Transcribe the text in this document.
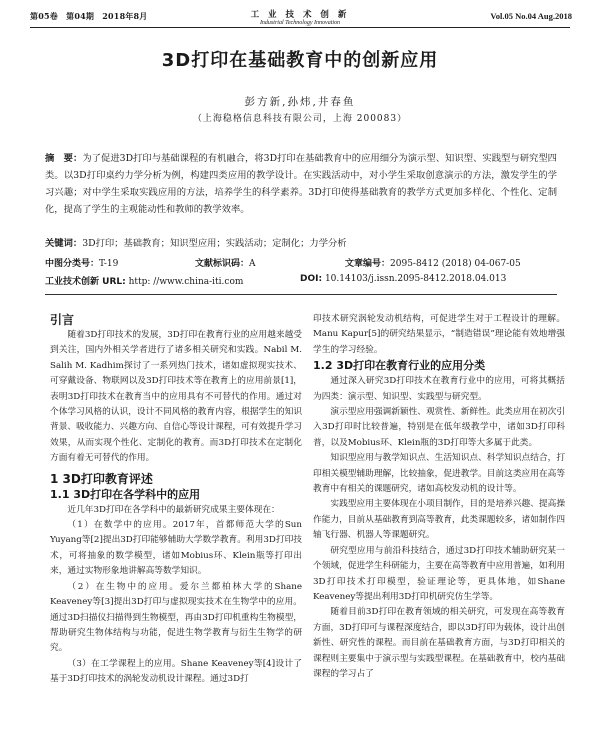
第05卷　第04期　2018年8月	工 业 技 术 创 新
Industrial Technology Innovation
Vol.05 No.04 Aug.2018
3D打印在基础教育中的创新应用
彭方新,孙炜,井春鱼
（上海稳格信息科技有限公司，上海 200083）
摘　要：为了促进3D打印与基础课程的有机融合，将3D打印在基础教育中的应用细分为演示型、知识型、实践型与研究型四类。以3D打印桌约力学分析为例，构建四类应用的教学设计。在实践活动中，对小学生采取创意演示的方法，激发学生的学习兴趣；对中学生采取实践应用的方法，培养学生的科学素养。3D打印使得基础教育的教学方式更加多样化、个性化、定制化，提高了学生的主观能动性和教师的教学效率。
关键词：3D打印；基础教育；知识型应用；实践活动；定制化；力学分析
中图分类号：T-19	文献标识码：A	文章编号：2095-8412 (2018) 04-067-05
工业技术创新 URL: http: //www.china-iti.com	DOI: 10.14103/j.issn.2095-8412.2018.04.013
引言

随着3D打印技术的发展，3D打印在教育行业的应用越来越受到关注，国内外相关学者进行了诸多相关研究和实践。Nabil M. Salih M. Kadhim探讨了一系列热门技术，诸如虚拟现实技术、可穿戴设备、物联网以及3D打印技术等在教育上的应用前景[1]，表明3D打印技术在教育当中的应用具有不可替代的作用。通过对个体学习风格的认识，设计不同风格的教育内容，根据学生的知识背景、吸收能力、兴趣方向、自信心等设计课程，可有效提升学习效果，从而实现个性化、定制化的教育。而3D打印技术在定制化方面有着无可替代的作用。

1 3D打印教育评述
1.1 3D打印在各学科中的应用

近几年3D打印在各学科中的最新研究成果主要体现在：

（1）在数学中的应用。2017年，首都师范大学的Sun Yuyang等[2]提出3D打印能够辅助大学数学教育。利用3D打印技术，可将抽象的数学模型，诸如Mobius环、Klein瓶等打印出来，通过实物形象地讲解高等数学知识。

（2）在生物中的应用。爱尔兰都柏林大学的Shane Keaveney等[3]提出3D打印与虚拟现实技术在生物学中的应用。通过3D扫描仪扫描得到生物模型，再由3D打印机重构生物模型，帮助研究生物体结构与功能，促进生物学教育与衍生生物学的研究。

（3）在工学课程上的应用。Shane Keaveney等[4]设计了基于3D打印技术的涡轮发动机设计课程。通过3D打

印技术研究涡轮发动机结构，可促进学生对于工程设计的理解。Manu Kapur[5]的研究结果显示，“制造错误”理论能有效地增强学生的学习经验。

1.2 3D打印在教育行业的应用分类

通过深入研究3D打印技术在教育行业中的应用，可将其概括为四类：演示型、知识型、实践型与研究型。

演示型应用强调新颖性、观赏性、新鲜性。此类应用在初次引入3D打印时比较普遍，特别是在低年级教学中，诸如3D打印科普，以及Mobius环、Klein瓶的3D打印等大多属于此类。

知识型应用与教学知识点、生活知识点、科学知识点结合，打印相关模型辅助理解，比较抽象，促进教学。目前这类应用在高等教育中有相关的课题研究，诸如高校发动机的设计等。

实践型应用主要体现在小项目制作，目的是培养兴趣、提高操作能力，目前从基础教育到高等教育，此类课题较多，诸如制作四轴飞行器、机器人等课题研究。

研究型应用与前沿科技结合，通过3D打印技术辅助研究某一个领域，促进学生科研能力，主要在高等教育中应用普遍，如利用3D打印技术打印模型，验证理论等，更具体地，如Shane Keaveney等提出利用3D打印机研究仿生学等。

随着目前3D打印在教育领域的相关研究，可发现在高等教育方面，3D打印可与课程深度结合，即以3D打印为载体，设计出创新性、研究性的课程。而目前在基础教育方面，与3D打印相关的课程则主要集中于演示型与实践型课程。在基础教育中，校内基础课程的学习占了
